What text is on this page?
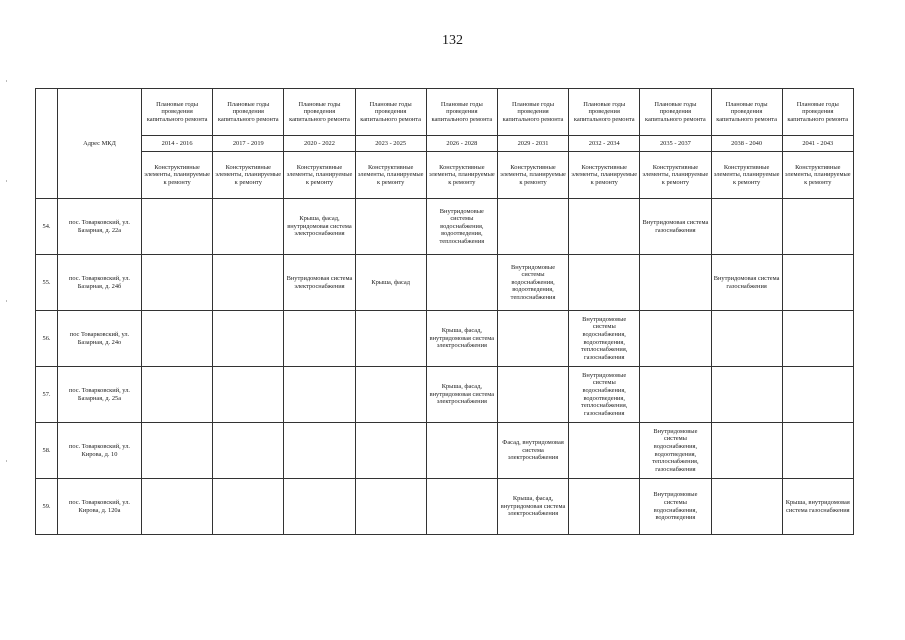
132
	Адрес МКД	Плановые годы проведения капитального ремонта	Плановые годы проведения капитального ремонта	Плановые годы проведения капитального ремонта	Плановые годы проведения капитального ремонта	Плановые годы проведения капитального ремонта	Плановые годы проведения капитального ремонта	Плановые годы проведения капитального ремонта	Плановые годы проведения капитального ремонта	Плановые годы проведения капитального ремонта	Плановые годы проведения капитального ремонта
		2014 - 2016	2017 - 2019	2020 - 2022	2023 - 2025	2026 - 2028	2029 - 2031	2032 - 2034	2035 - 2037	2038 - 2040	2041 - 2043
		Конструктивные элементы, планируемые к ремонту	Конструктивные элементы, планируемые к ремонту	Конструктивные элементы, планируемые к ремонту	Конструктивные элементы, планируемые к ремонту	Конструктивные элементы, планируемые к ремонту	Конструктивные элементы, планируемые к ремонту	Конструктивные элементы, планируемые к ремонту	Конструктивные элементы, планируемые к ремонту	Конструктивные элементы, планируемые к ремонту	Конструктивные элементы, планируемые к ремонту
54.	пос. Товарковский, ул. Базарная, д. 22а			Крыша, фасад, внутридомовая система электроснабжения		Внутридомовые системы водоснабжения, водоотведения, теплоснабжения			Внутридомовая система газоснабжения		
55.	пос. Товарковский, ул. Базарная, д. 24б			Внутридомовая система электроснабжения	Крыша, фасад		Внутридомовые системы водоснабжения, водоотведения, теплоснабжения			Внутридомовая система газоснабжения	
56.	пос Товарковский, ул. Базарная, д. 24о					Крыша, фасад, внутридомовая система электроснабжения		Внутридомовые системы водоснабжения, водоотведения, теплоснабжения, газоснабжения			
57.	пос. Товарковский, ул. Базарная, д. 25а					Крыша, фасад, внутридомовая система электроснабжения		Внутридомовые системы водоснабжения, водоотведения, теплоснабжения, газоснабжения			
58.	пос. Товарковский, ул. Кирова, д. 10						Фасад, внутридомовая система электроснабжения		Внутридомовые системы водоснабжения, водоотведения, теплоснабжения, газоснабжения		
59.	пос. Товарковский, ул. Кирова, д. 120а						Крыша, фасад, внутридомовая система электроснабжения		Внутридомовые системы водоснабжения, водоотведения		Крыша, внутридомовая система газоснабжения
